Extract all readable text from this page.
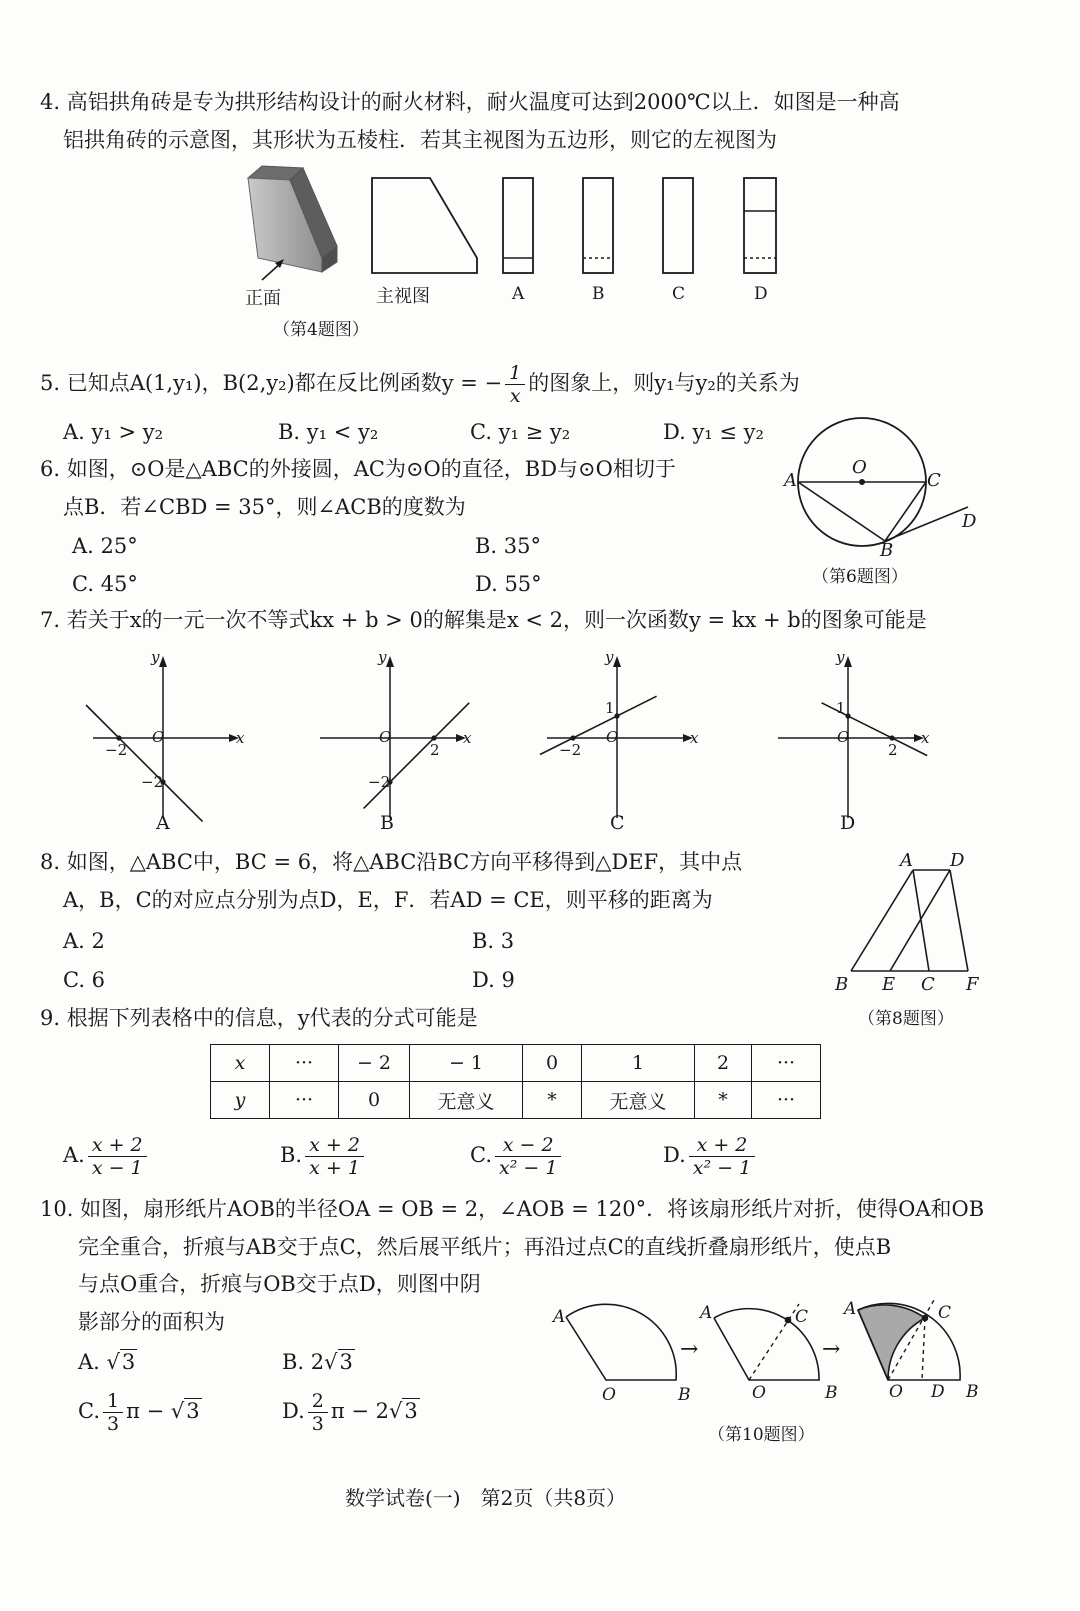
4. 高铝拱角砖是专为拱形结构设计的耐火材料，耐火温度可达到2000℃以上．如图是一种高
铝拱角砖的示意图，其形状为五棱柱．若其主视图为五边形，则它的左视图为
正面	主视图	A	B	C	D
（第4题图）
5. 已知点A(1,y₁)，B(2,y₂)都在反比例函数y = − $\frac{1}{x}$ 的图象上，则y₁与y₂的关系为
A. y₁ > y₂	B. y₁ < y₂	C. y₁ ≥ y₂	D. y₁ ≤ y₂
6. 如图，⊙O是△ABC的外接圆，AC为⊙O的直径，BD与⊙O相切于
点B．若∠CBD = 35°，则∠ACB的度数为
A. 25°	B. 35°
C. 45°	D. 55°
A
O
C
B
D
（第6题图）
7. 若关于x的一元一次不等式kx + b > 0的解集是x < 2，则一次函数y = kx + b的图象可能是
x
y
O
−2
−2
x
y
O
2
−2
x
y
O
−2
1
x
y
O
2
1
A	B	C	D
8. 如图，△ABC中，BC = 6，将△ABC沿BC方向平移得到△DEF，其中点
A，B，C的对应点分别为点D，E，F．若AD = CE，则平移的距离为
A. 2	B. 3
C. 6	D. 9
A D
B E C F
（第8题图）
9. 根据下列表格中的信息，y代表的分式可能是
x	···	− 2	− 1	0	1	2	···
y	···	0	无意义	*	无意义	*	···
A. $\frac{x + 2}{x - 1}$	B. $\frac{x + 2}{x + 1}$	C. $\frac{x - 2}{\text{x² − 1}}$	D. $\frac{x + 2}{\text{x² − 1}}$
10. 如图，扇形纸片AOB的半径OA = OB = 2，∠AOB = 120°．将该扇形纸片对折，使得OA和OB
完全重合，折痕与AB交于点C，然后展平纸片；再沿过点C的直线折叠扇形纸片，使点B
与点O重合，折痕与OB交于点D，则图中阴
影部分的面积为
A. √3	B. 2√3
C. $\frac{1}{3}$ π − √3	D. $\frac{2}{3}$ π − 2√3
A
O	B
A	C
O	B
A	C
O D B
→	→
（第10题图）
数学试卷(一)　第2页（共8页）
